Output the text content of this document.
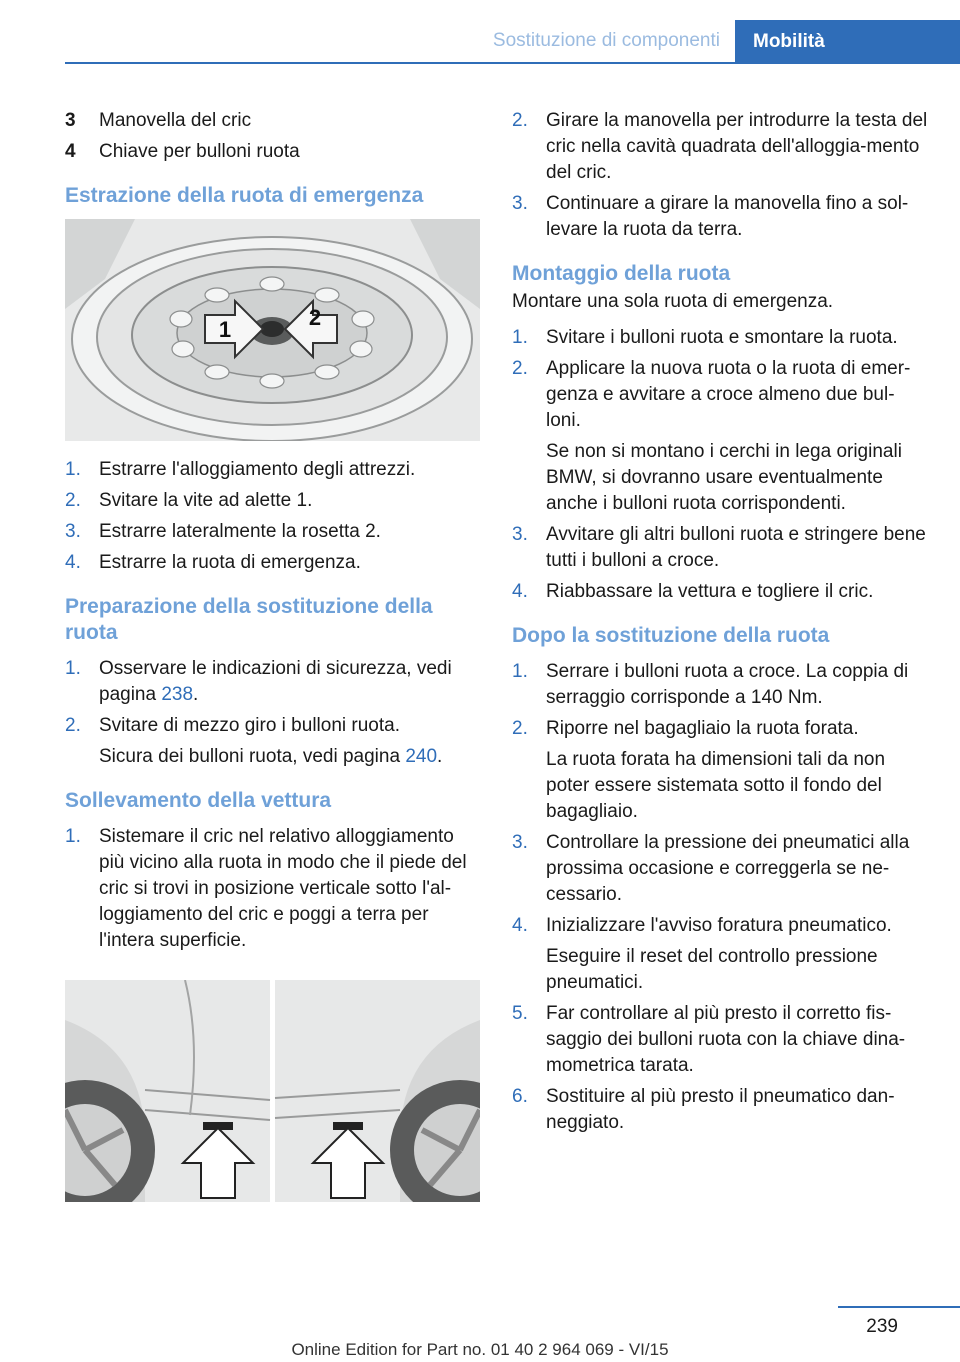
Sostituzione di componenti	Mobilità
3	Manovella del cric
4	Chiave per bulloni ruota
Estrazione della ruota di emergenza
1	2
1. Estrarre l'alloggiamento degli attrezzi.
2. Svitare la vite ad alette 1.
3. Estrarre lateralmente la rosetta 2.
4. Estrarre la ruota di emergenza.
Preparazione della sostituzione della ruota
1. Osservare le indicazioni di sicurezza, vedi pagina 238.
2. Svitare di mezzo giro i bulloni ruota.

Sicura dei bulloni ruota, vedi pagina 240.

Sollevamento della vettura
1. Sistemare il cric nel relativo alloggiamento più vicino alla ruota in modo che il piede del cric si trovi in posizione verticale sotto l'al-loggiamento del cric e poggi a terra per l'intera superficie.
2. Girare la manovella per introdurre la testa del cric nella cavità quadrata dell'alloggia-mento del cric.
3. Continuare a girare la manovella fino a sol-levare la ruota da terra.
Montaggio della ruota

Montare una sola ruota di emergenza.

1. Svitare i bulloni ruota e smontare la ruota.
2. Applicare la nuova ruota o la ruota di emer-genza e avvitare a croce almeno due bul-loni.

Se non si montano i cerchi in lega originali BMW, si dovranno usare eventualmente anche i bulloni ruota corrispondenti.

3. Avvitare gli altri bulloni ruota e stringere bene tutti i bulloni a croce.
4. Riabbassare la vettura e togliere il cric.
Dopo la sostituzione della ruota
1. Serrare i bulloni ruota a croce. La coppia di serraggio corrisponde a 140 Nm.
2. Riporre nel bagagliaio la ruota forata.

La ruota forata ha dimensioni tali da non poter essere sistemata sotto il fondo del bagagliaio.

3. Controllare la pressione dei pneumatici alla prossima occasione e correggerla se ne-cessario.
4. Inizializzare l'avviso foratura pneumatico.

Eseguire il reset del controllo pressione pneumatici.

5. Far controllare al più presto il corretto fis-saggio dei bulloni ruota con la chiave dina-mometrica tarata.
6. Sostituire al più presto il pneumatico dan-neggiato.
239
Online Edition for Part no. 01 40 2 964 069 - VI/15
